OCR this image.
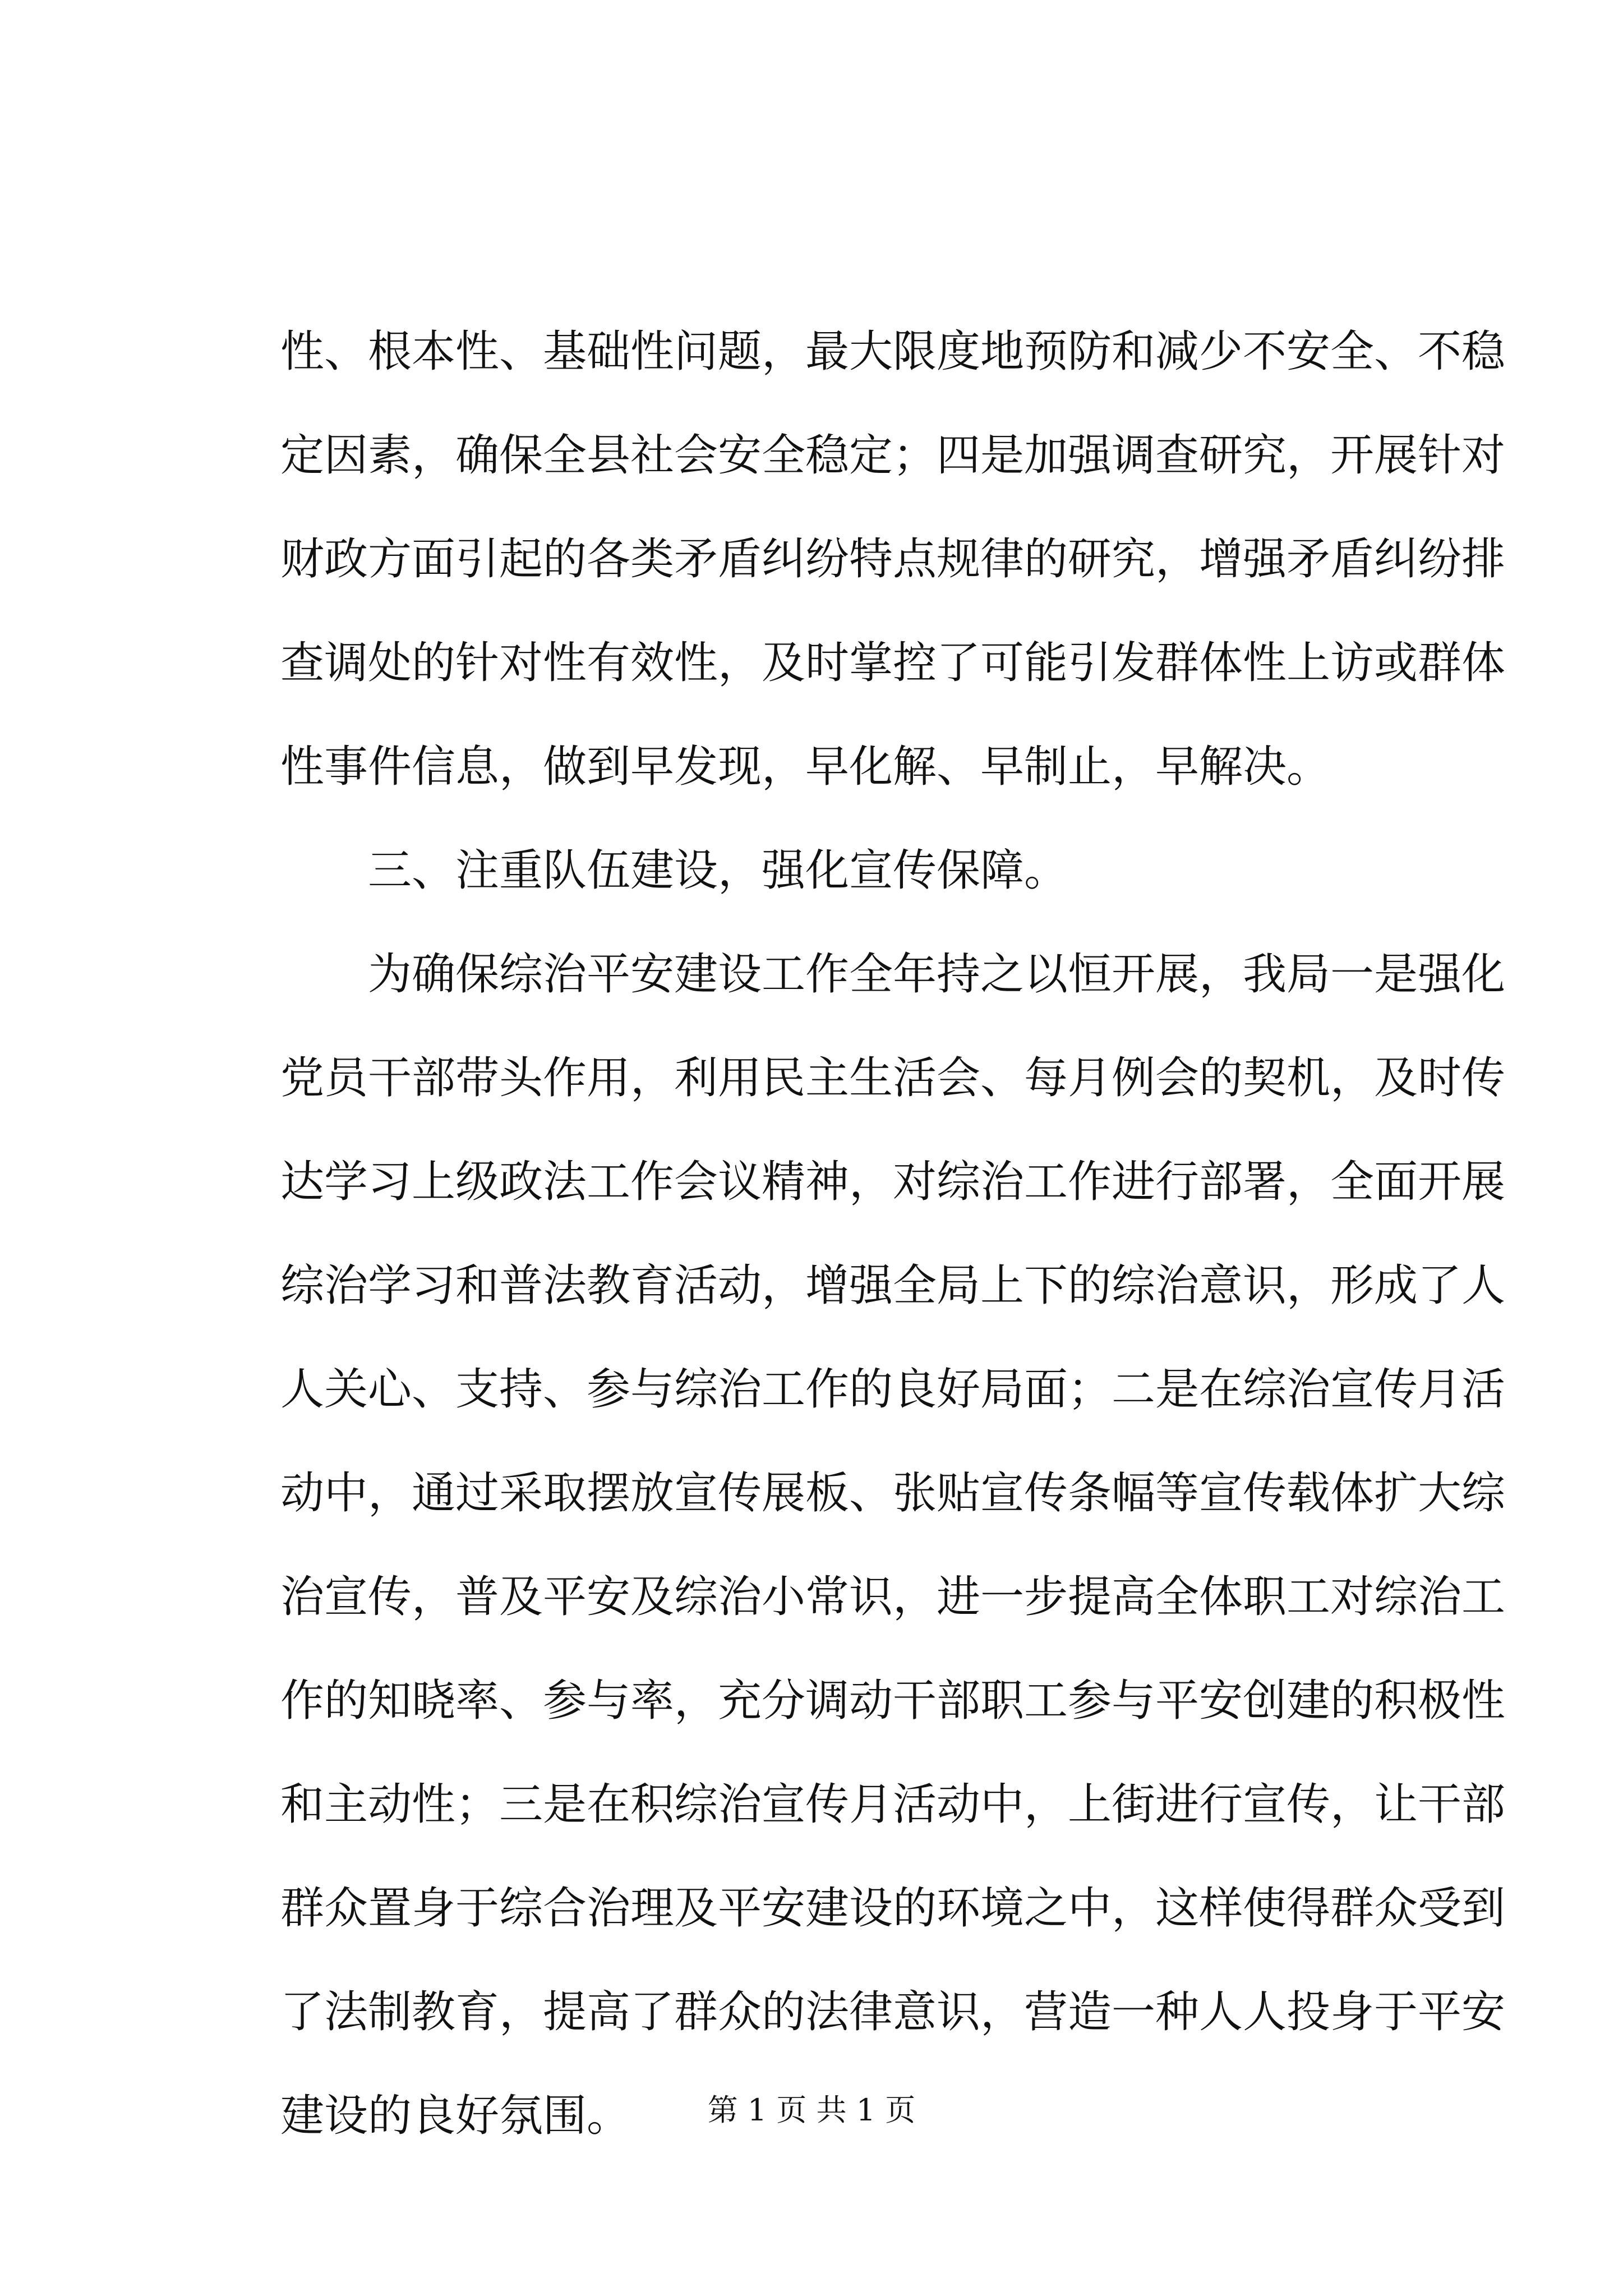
性、根本性、基础性问题，最大限度地预防和减少不安全、不稳
定因素，确保全县社会安全稳定；四是加强调查研究，开展针对
财政方面引起的各类矛盾纠纷特点规律的研究，增强矛盾纠纷排
查调处的针对性有效性，及时掌控了可能引发群体性上访或群体
性事件信息，做到早发现，早化解、早制止，早解决。
三、注重队伍建设，强化宣传保障。
为确保综治平安建设工作全年持之以恒开展，我局一是强化
党员干部带头作用，利用民主生活会、每月例会的契机，及时传
达学习上级政法工作会议精神，对综治工作进行部署，全面开展
综治学习和普法教育活动，增强全局上下的综治意识，形成了人
人关心、支持、参与综治工作的良好局面；二是在综治宣传月活
动中，通过采取摆放宣传展板、张贴宣传条幅等宣传载体扩大综
治宣传，普及平安及综治小常识，进一步提高全体职工对综治工
作的知晓率、参与率，充分调动干部职工参与平安创建的积极性
和主动性；三是在积综治宣传月活动中，上街进行宣传，让干部
群众置身于综合治理及平安建设的环境之中，这样使得群众受到
了法制教育，提高了群众的法律意识，营造一种人人投身于平安
建设的良好氛围。	第 1 页 共 1 页
